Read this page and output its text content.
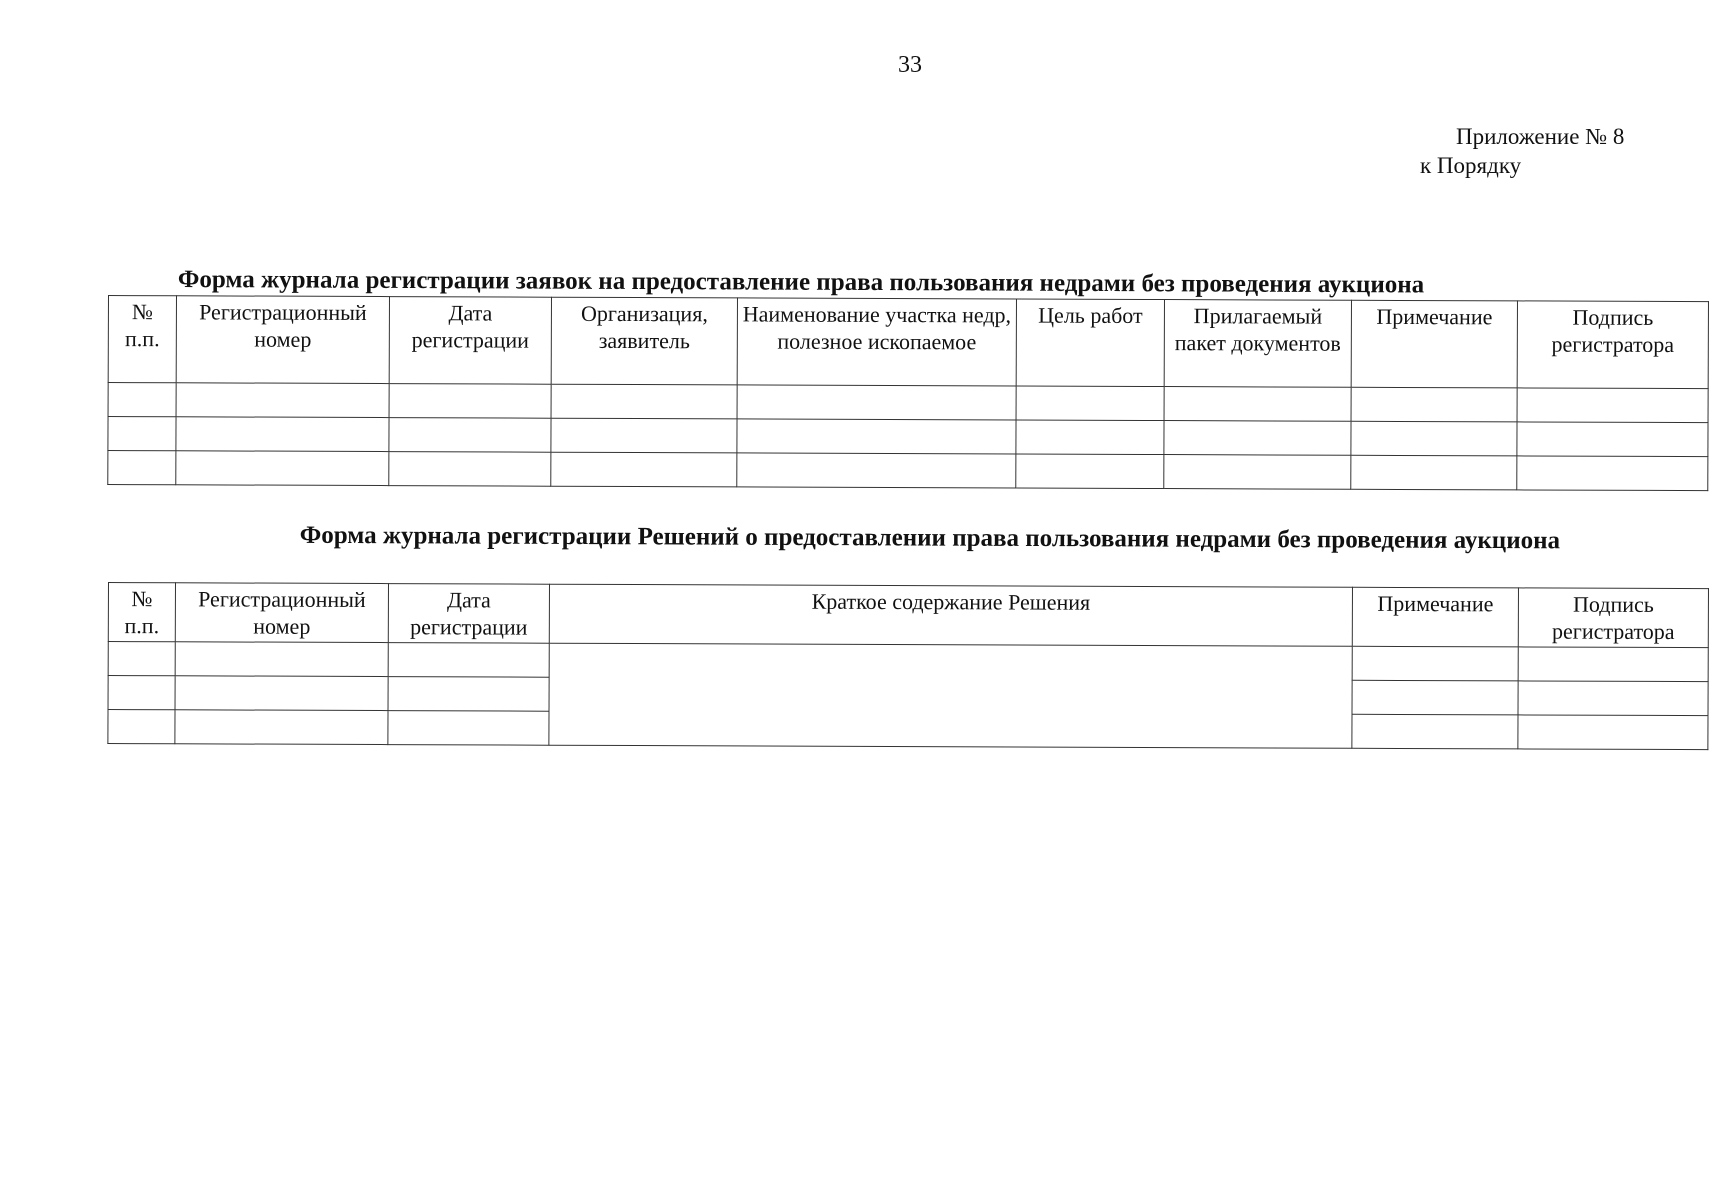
33
Приложение № 8
к Порядку
Форма журнала регистрации заявок на предоставление права пользования недрами без проведения аукциона
№ п.п.	Регистрационный номер	Дата регистрации	Организация, заявитель	Наименование участка недр, полезное ископаемое	Цель работ	Прилагаемый пакет документов	Примечание	Подпись регистратора

Форма журнала регистрации Решений о предоставлении права пользования недрами без проведения аукциона
№ п.п.	Регистрационный номер	Дата регистрации	Краткое содержание Решения	Примечание	Подпись регистратора
